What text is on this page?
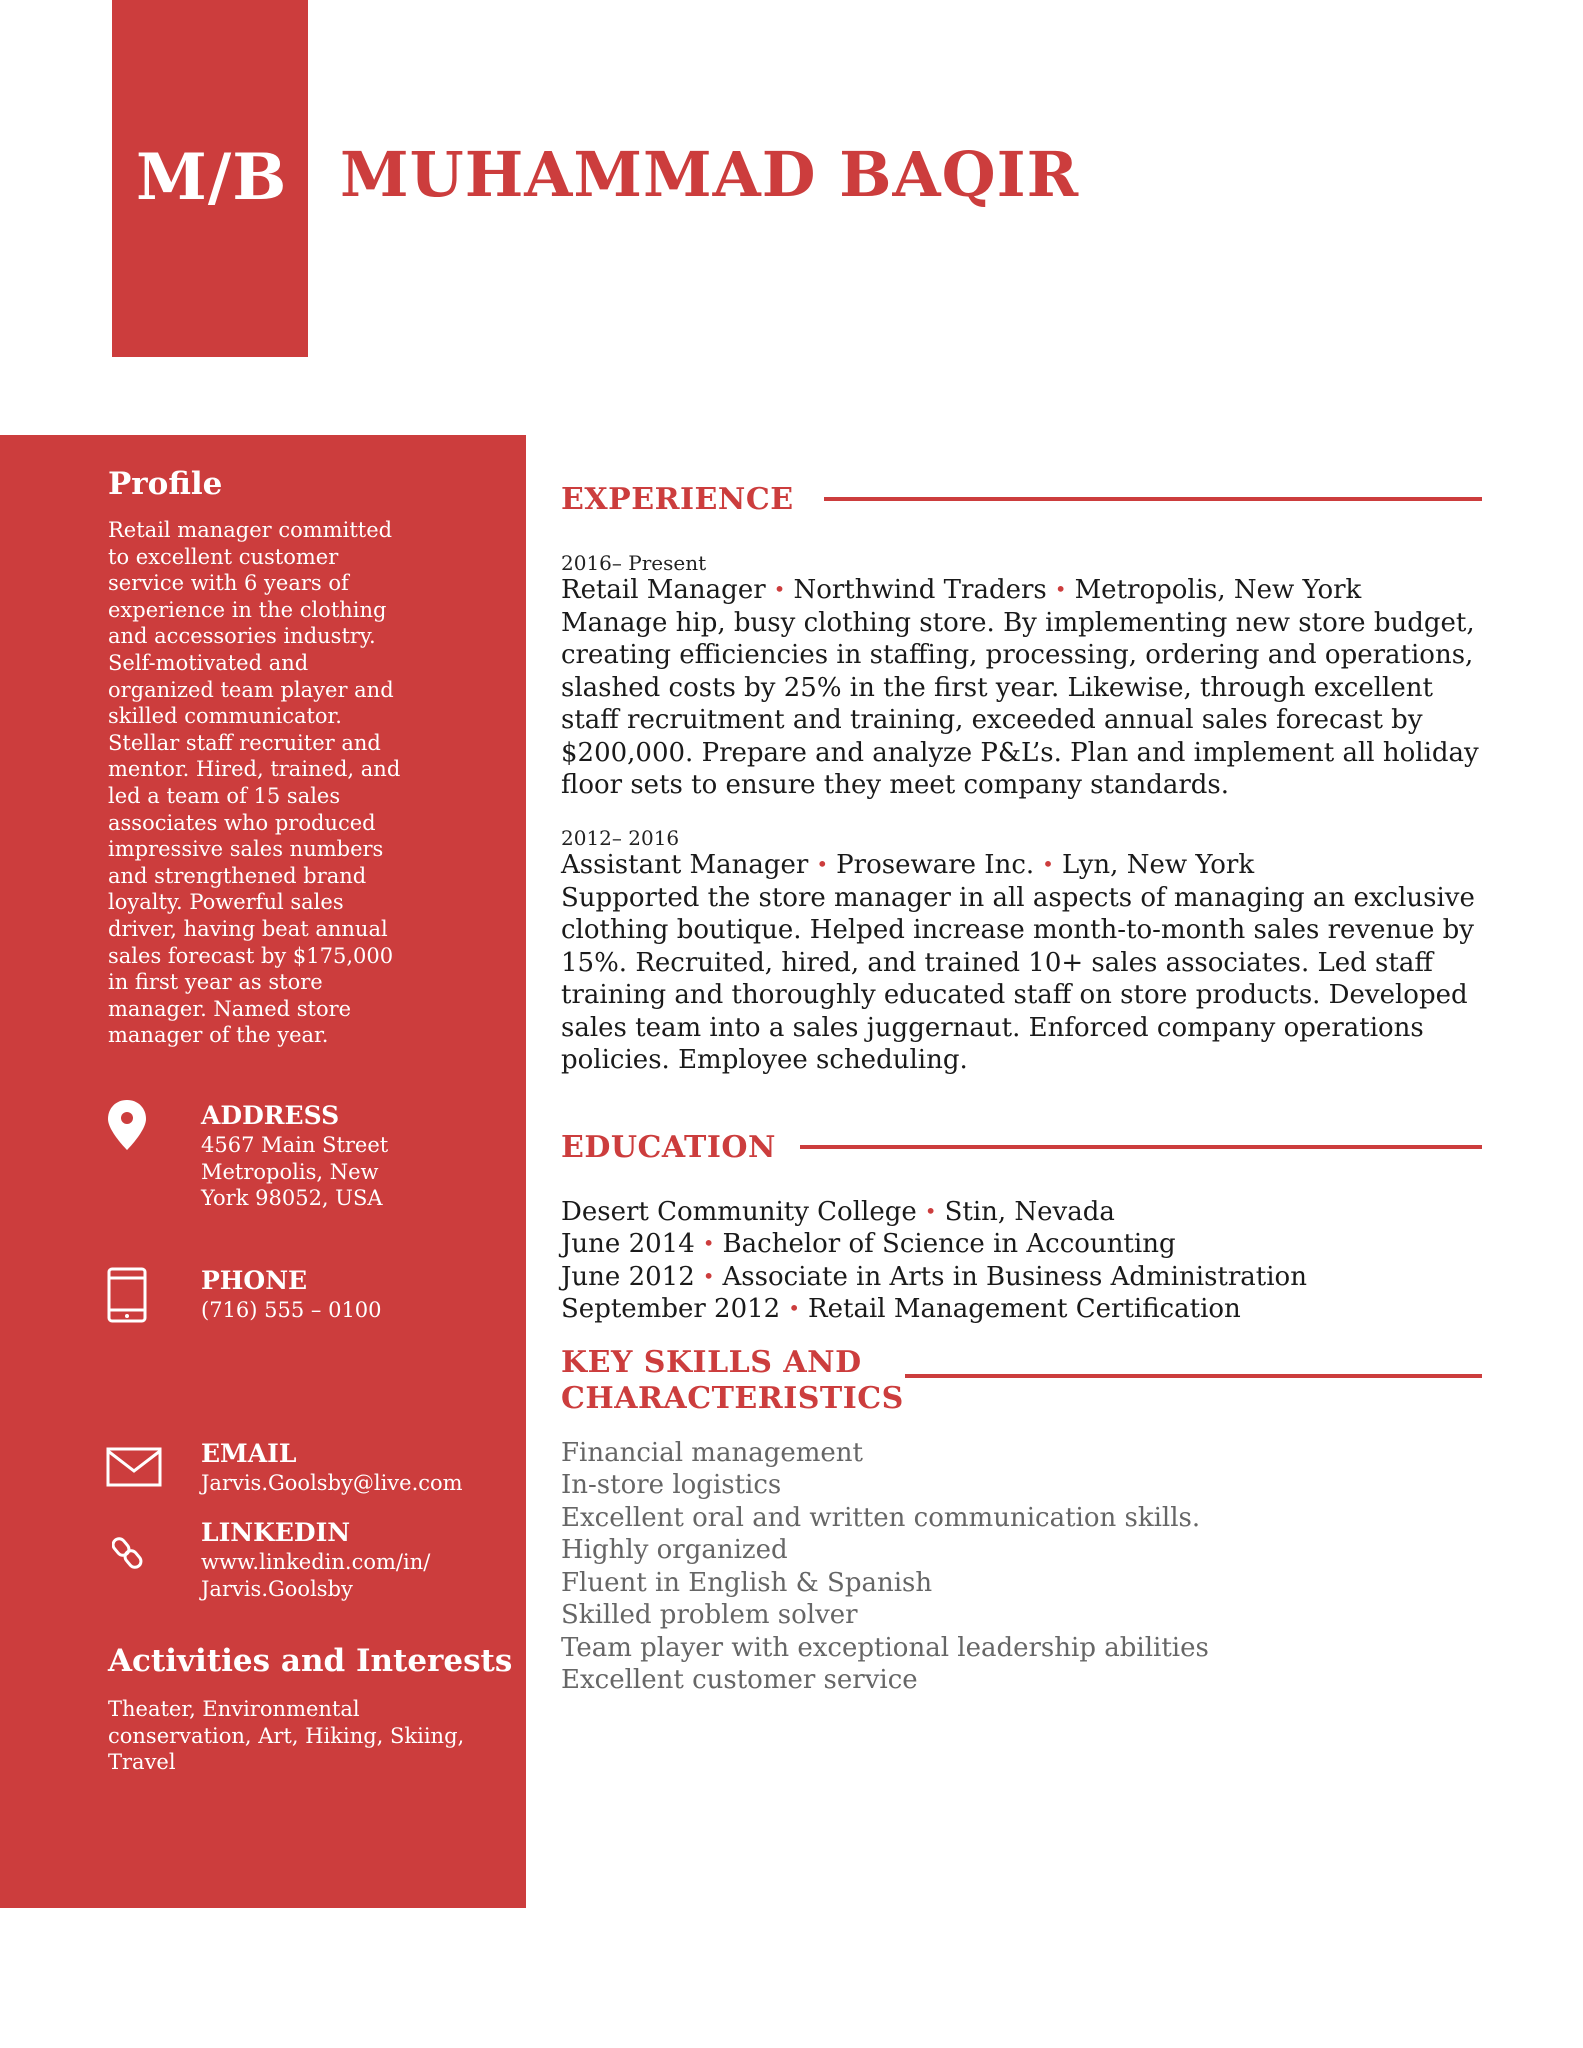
M/B MUHAMMAD BAQIR
Profile
Retail manager committed to excellent customer service with 6 years of experience in the clothing and accessories industry. Self-motivated and organized team player and skilled communicator. Stellar staff recruiter and mentor. Hired, trained, and led a team of 15 sales associates who produced impressive sales numbers and strengthened brand loyalty. Powerful sales driver, having beat annual sales forecast by $175,000 in first year as store manager. Named store manager of the year.
ADDRESS
4567 Main Street
Metropolis, New
York 98052, USA
PHONE
(716) 555 – 0100
EMAIL
Jarvis.Goolsby@live.com
LINKEDIN
www.linkedin.com/in/
Jarvis.Goolsby
Activities and Interests
Theater, Environmental conservation, Art, Hiking, Skiing, Travel
EXPERIENCE
2016– Present
Retail Manager • Northwind Traders • Metropolis, New York
Manage hip, busy clothing store. By implementing new store budget, creating efficiencies in staffing, processing, ordering and operations, slashed costs by 25% in the first year. Likewise, through excellent staff recruitment and training, exceeded annual sales forecast by $200,000. Prepare and analyze P&L’s. Plan and implement all holiday floor sets to ensure they meet company standards.
2012– 2016
Assistant Manager • Proseware Inc. • Lyn, New York
Supported the store manager in all aspects of managing an exclusive clothing boutique. Helped increase month-to-month sales revenue by 15%. Recruited, hired, and trained 10+ sales associates. Led staff training and thoroughly educated staff on store products. Developed sales team into a sales juggernaut. Enforced company operations policies. Employee scheduling.
EDUCATION
Desert Community College • Stin, Nevada
June 2014 • Bachelor of Science in Accounting
June 2012 • Associate in Arts in Business Administration
September 2012 • Retail Management Certification
KEY SKILLS AND
CHARACTERISTICS
Financial management
In-store logistics
Excellent oral and written communication skills.
Highly organized
Fluent in English & Spanish
Skilled problem solver
Team player with exceptional leadership abilities
Excellent customer service
